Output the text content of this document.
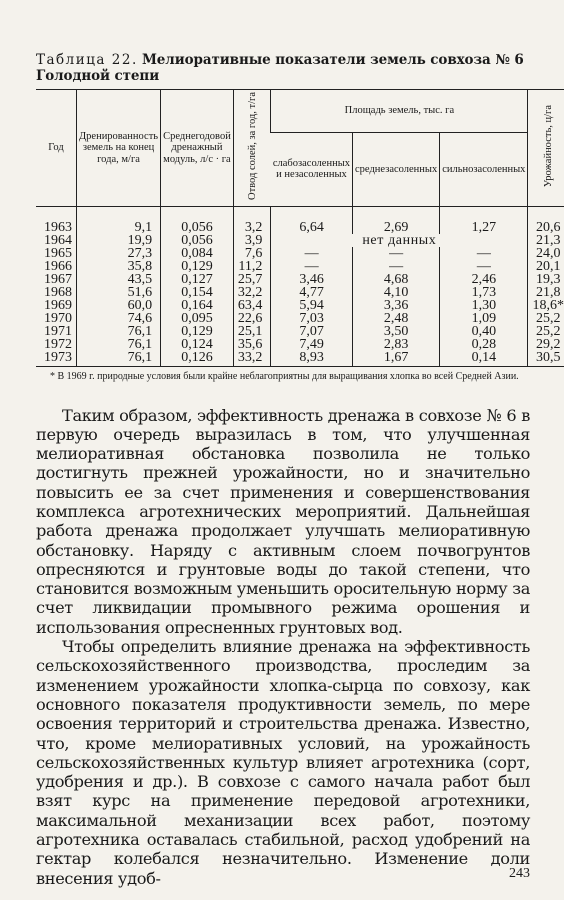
Таблица 22. Мелиоративные показатели земель совхоза № 6 Голодной степи
Год	Дренированность земель на конец года, м/га	Среднегодовой дренажный модуль, л/с · га	Отвод солей, за год, т/га	Площадь земель, тыс. га			Урожайность, ц/га
				слабозасоленных и незасоленных	среднезасоленных	сильнозасоленных	
1963	9,1	0,056	3,2	6,64	2,69	1,27	20,6
1964	19,9	0,056	3,9	нет данных			21,3
1965	27,3	0,084	7,6	—	—	—	24,0
1966	35,8	0,129	11,2	—	—	—	20,1
1967	43,5	0,127	25,7	3,46	4,68	2,46	19,3
1968	51,6	0,154	32,2	4,77	4,10	1,73	21,8
1969	60,0	0,164	63,4	5,94	3,36	1,30	18,6*
1970	74,6	0,095	22,6	7,03	2,48	1,09	25,2
1971	76,1	0,129	25,1	7,07	3,50	0,40	25,2
1972	76,1	0,124	35,6	7,49	2,83	0,28	29,2
1973	76,1	0,126	33,2	8,93	1,67	0,14	30,5
* В 1969 г. природные условия были крайне неблагоприятны для выращивания хлопка во всей Средней Азии.

Таким образом, эффективность дренажа в совхозе № 6 в первую очередь выразилась в том, что улучшенная мелиоративная обстановка позволила не только достигнуть прежней урожайности, но и значительно повысить ее за счет применения и совершенствования комплекса агротехнических мероприятий. Дальнейшая работа дренажа продолжает улучшать мелиоративную обстановку. Наряду с активным слоем почвогрунтов опресняются и грунтовые воды до такой степени, что становится возможным уменьшить оросительную норму за счет ликвидации промывного режима орошения и использования опресненных грунтовых вод.

Чтобы определить влияние дренажа на эффективность сельскохозяйственного производства, проследим за изменением урожайности хлопка-сырца по совхозу, как основного показателя продуктивности земель, по мере освоения территорий и строительства дренажа. Известно, что, кроме мелиоративных условий, на урожайность сельскохозяйственных культур влияет агротехника (сорт, удобрения и др.). В совхозе с самого начала работ был взят курс на применение передовой агротехники, максимальной механизации всех работ, поэтому агротехника оставалась стабильной, расход удобрений на гектар колебался незначительно. Изменение доли внесения удоб-	243
